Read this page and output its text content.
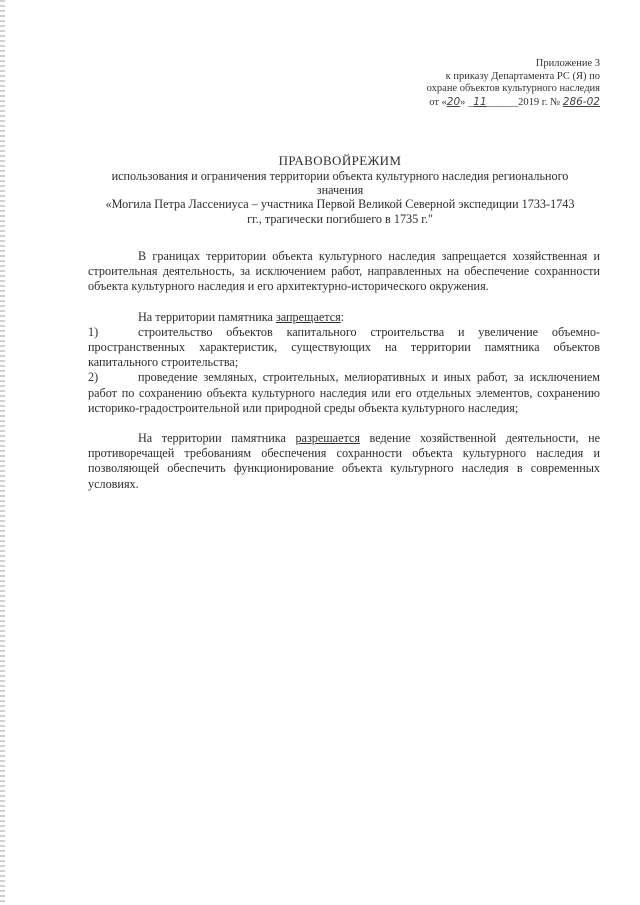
Приложение 3
к приказу Департамента РС (Я) по
охране объектов культурного наследия
от «20» _11______2019 г. № 286-02
ПРАВОВОЙРЕЖИМ
использования и ограничения территории объекта культурного наследия регионального
значения
«Могила Петра Лассениуса – участника Первой Великой Северной экспедиции 1733-1743
гг., трагически погибшего в 1735 г."

В границах территории объекта культурного наследия запрещается хозяйственная и строительная деятельность, за исключением работ, направленных на обеспечение сохранности объекта культурного наследия и его архитектурно-исторического окружения.

На территории памятника запрещается:

1)	строительство объектов капитального строительства и увеличение объемно-пространственных характеристик, существующих на территории памятника объектов капитального строительства;

2)	проведение земляных, строительных, мелиоративных и иных работ, за исключением работ по сохранению объекта культурного наследия или его отдельных элементов, сохранению историко-градостроительной или природной среды объекта культурного наследия;

На территории памятника разрешается ведение хозяйственной деятельности, не противоречащей требованиям обеспечения сохранности объекта культурного наследия и позволяющей обеспечить функционирование объекта культурного наследия в современных условиях.
